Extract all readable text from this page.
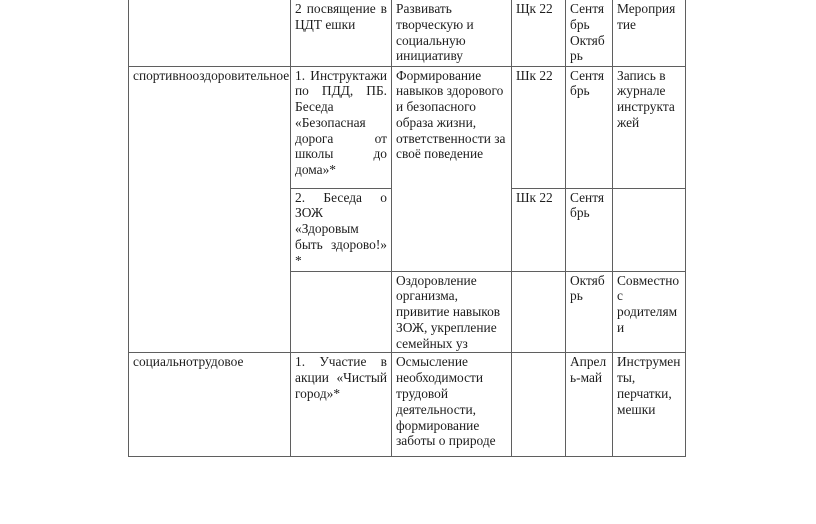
	2 посвящение в ЦДТ ешки	Развивать творческую и социальную инициативу	Щк 22	Сентябрь Октябрь	Мероприятие
спортивнооздоровительное	1. Инструктажи по ПДД, ПБ. Беседа «Безопасная дорога от школы до дома»*	Формирование навыков здорового и безопасного образа жизни, ответственности за своё поведение	Шк 22	Сентябрь	Запись в журнале инструктажей
	2. Беседа о ЗОЖ «Здоровым быть здорово!» *		Шк 22	Сентябрь	
		Оздоровление организма, привитие навыков ЗОЖ, укрепление семейных уз		Октябрь	Совместно с родителями
социальнотрудовое	1. Участие в акции «Чистый город»*	Осмысление необходимости трудовой деятельности, формирование заботы о природе		Апрель-май	Инструменты, перчатки, мешки
